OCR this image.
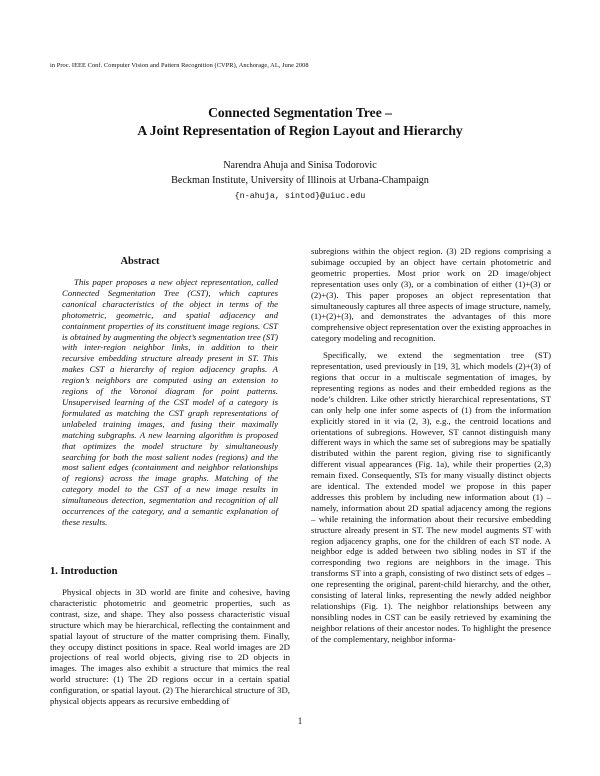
in Proc. IEEE Conf. Computer Vision and Pattern Recognition (CVPR), Anchorage, AL, June 2008
Connected Segmentation Tree –
A Joint Representation of Region Layout and Hierarchy
Narendra Ahuja and Sinisa Todorovic
Beckman Institute, University of Illinois at Urbana-Champaign
{n-ahuja, sintod}@uiuc.edu
Abstract

This paper proposes a new object representation, called Connected Segmentation Tree (CST), which captures canonical characteristics of the object in terms of the photometric, geometric, and spatial adjacency and containment properties of its constituent image regions. CST is obtained by augmenting the object’s segmentation tree (ST) with inter-region neighbor links, in addition to their recursive embedding structure already present in ST. This makes CST a hierarchy of region adjacency graphs. A region’s neighbors are computed using an extension to regions of the Voronoi diagram for point patterns. Unsupervised learning of the CST model of a category is formulated as matching the CST graph representations of unlabeled training images, and fusing their maximally matching subgraphs. A new learning algorithm is proposed that optimizes the model structure by simultaneously searching for both the most salient nodes (regions) and the most salient edges (containment and neighbor relationships of regions) across the image graphs. Matching of the category model to the CST of a new image results in simultaneous detection, segmentation and recognition of all occurrences of the category, and a semantic explanation of these results.

1. Introduction

Physical objects in 3D world are finite and cohesive, having characteristic photometric and geometric properties, such as contrast, size, and shape. They also possess characteristic visual structure which may be hierarchical, reflecting the containment and spatial layout of structure of the matter comprising them. Finally, they occupy distinct positions in space. Real world images are 2D projections of real world objects, giving rise to 2D objects in images. The images also exhibit a structure that mimics the real world structure: (1) The 2D regions occur in a certain spatial configuration, or spatial layout. (2) The hierarchical structure of 3D, physical objects appears as recursive embedding of

subregions within the object region. (3) 2D regions comprising a subimage occupied by an object have certain photometric and geometric properties. Most prior work on 2D image/object representation uses only (3), or a combination of either (1)+(3) or (2)+(3). This paper proposes an object representation that simultaneously captures all three aspects of image structure, namely, (1)+(2)+(3), and demonstrates the advantages of this more comprehensive object representation over the existing approaches in category modeling and recognition.

Specifically, we extend the segmentation tree (ST) representation, used previously in [19, 3], which models (2)+(3) of regions that occur in a multiscale segmentation of images, by representing regions as nodes and their embedded regions as the node’s children. Like other strictly hierarchical representations, ST can only help one infer some aspects of (1) from the information explicitly stored in it via (2, 3), e.g., the centroid locations and orientations of subregions. However, ST cannot distinguish many different ways in which the same set of subregions may be spatially distributed within the parent region, giving rise to significantly different visual appearances (Fig. 1a), while their properties (2,3) remain fixed. Consequently, STs for many visually distinct objects are identical. The extended model we propose in this paper addresses this problem by including new information about (1) – namely, information about 2D spatial adjacency among the regions – while retaining the information about their recursive embedding structure already present in ST. The new model augments ST with region adjacency graphs, one for the children of each ST node. A neighbor edge is added between two sibling nodes in ST if the corresponding two regions are neighbors in the image. This transforms ST into a graph, consisting of two distinct sets of edges – one representing the original, parent-child hierarchy, and the other, consisting of lateral links, representing the newly added neighbor relationships (Fig. 1). The neighbor relationships between any nonsibling nodes in CST can be easily retrieved by examining the neighbor relations of their ancestor nodes. To highlight the presence of the complementary, neighbor informa-

1
